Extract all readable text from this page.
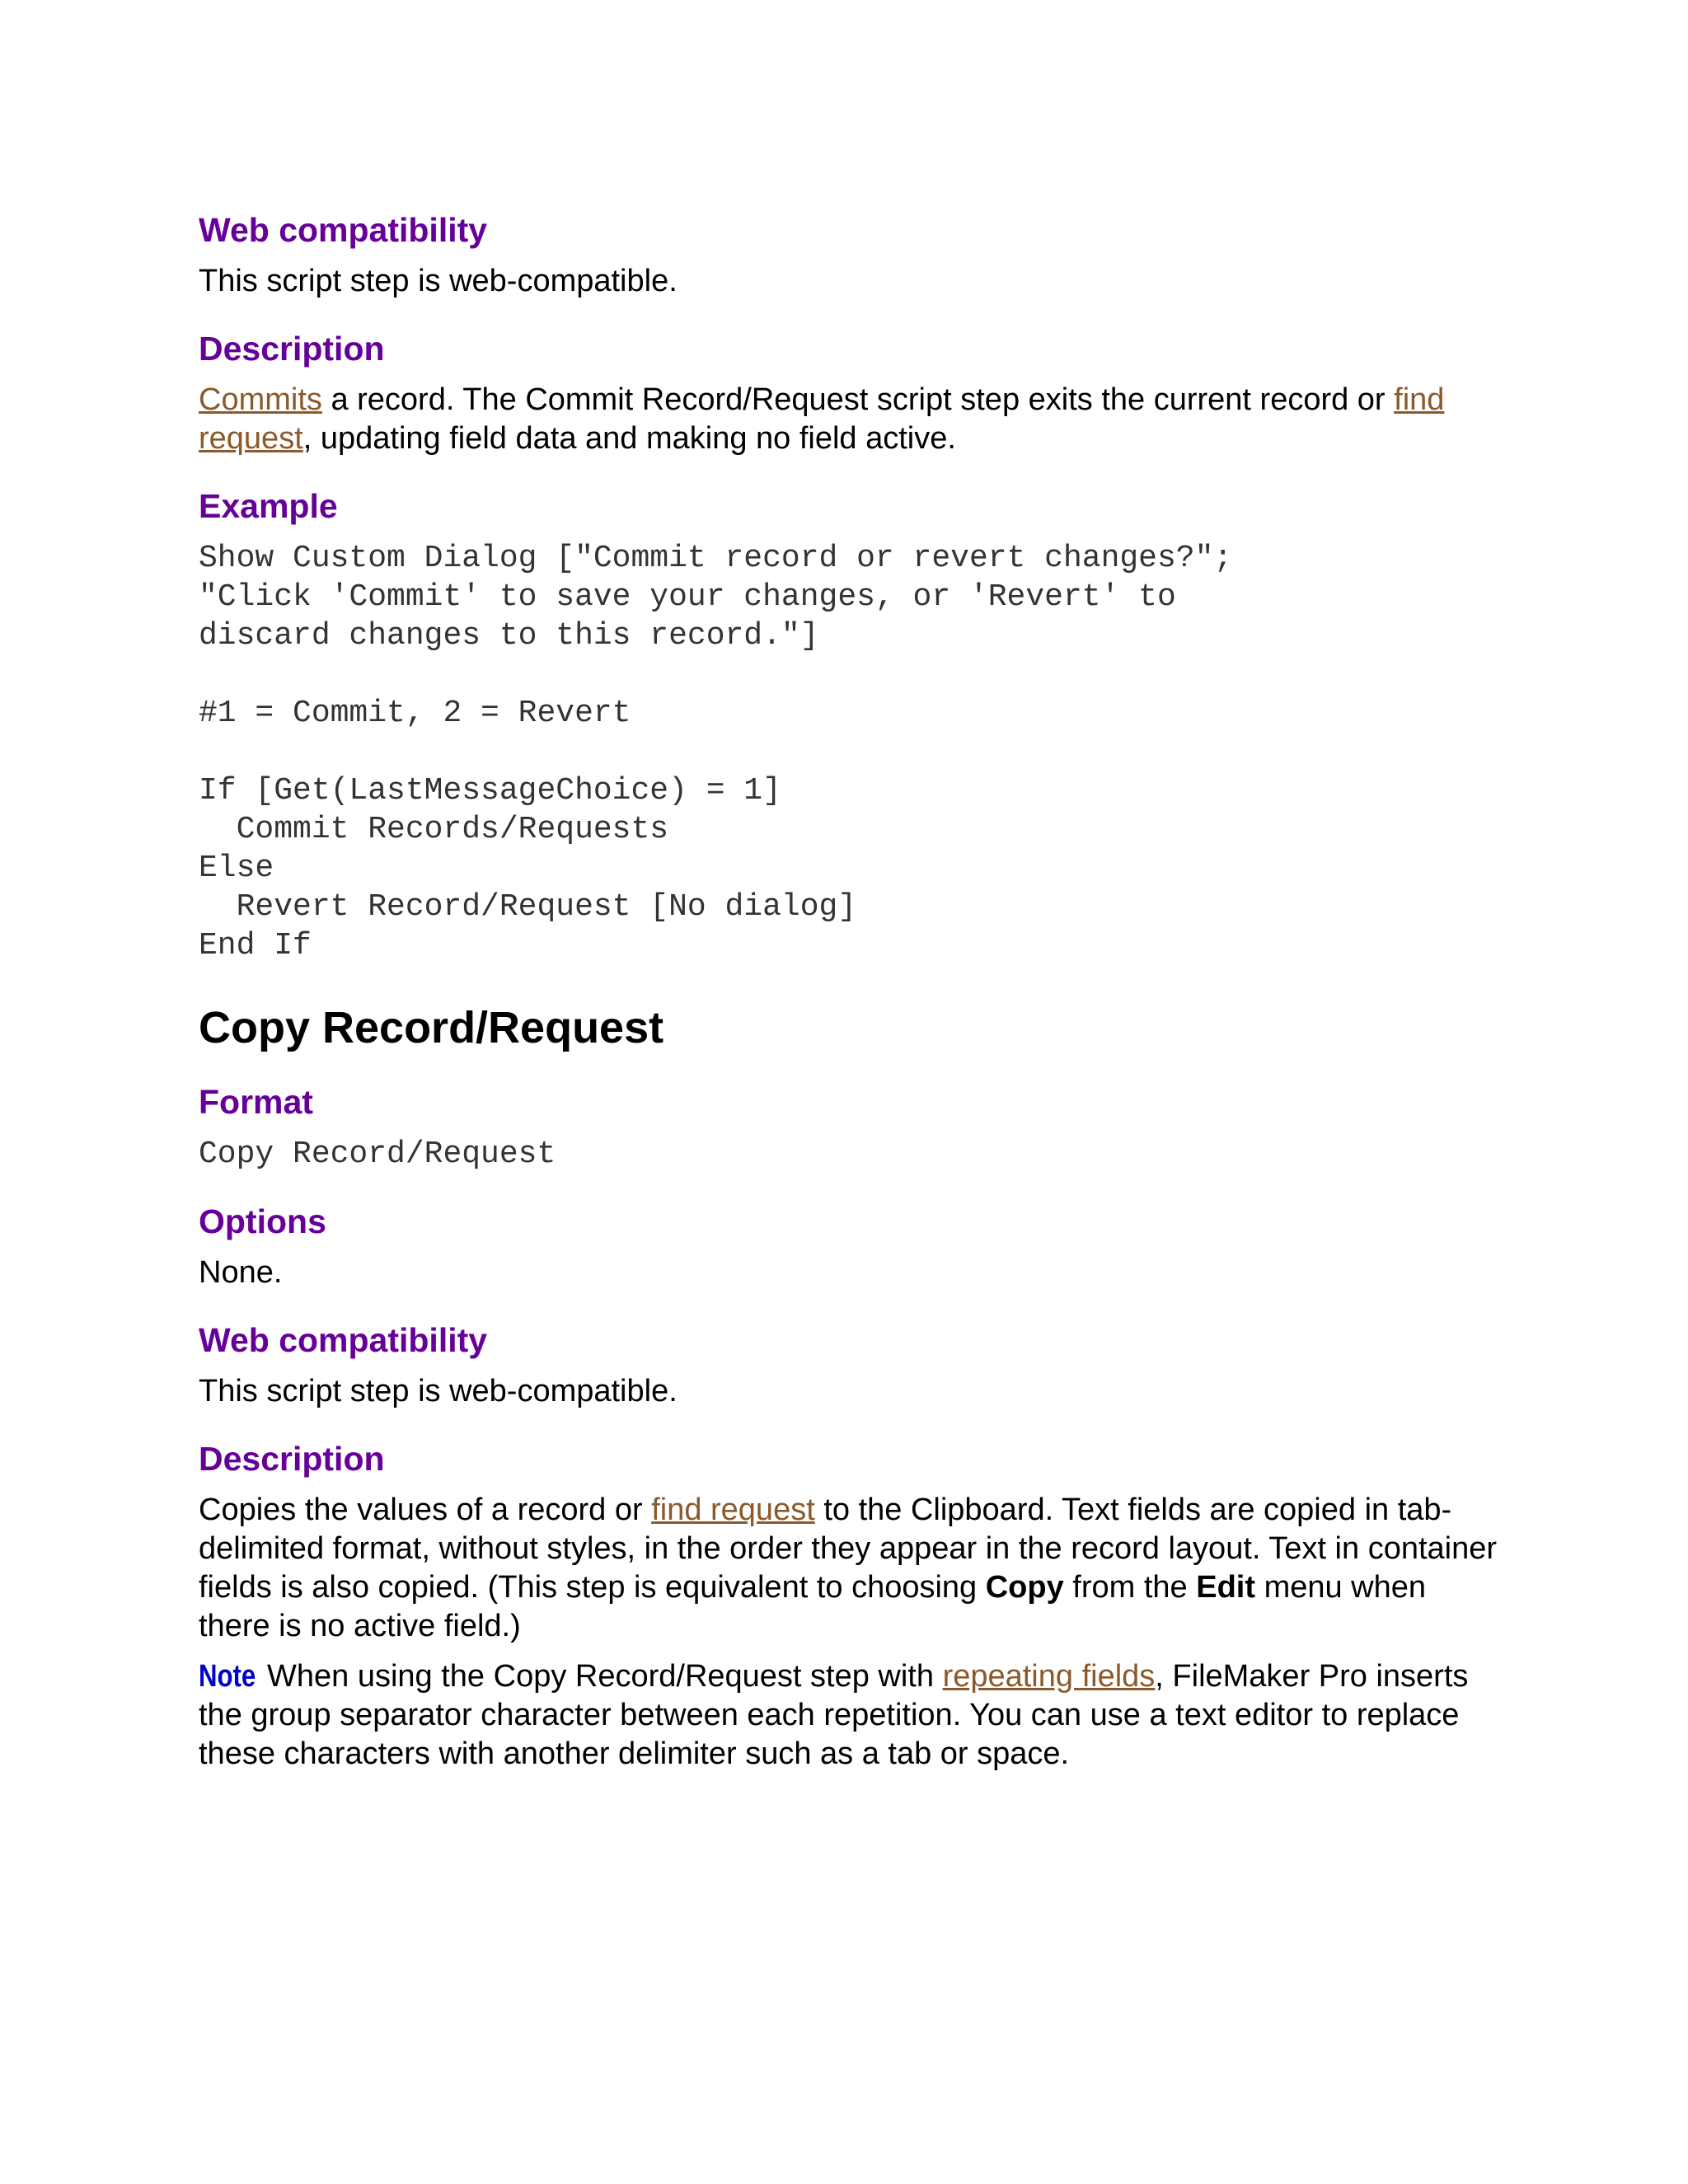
Web compatibility

This script step is web-compatible.

Description

Commits a record. The Commit Record/Request script step exits the current record or find request, updating field data and making no field active.

Example
Show Custom Dialog ["Commit record or revert changes?";
"Click 'Commit' to save your changes, or 'Revert' to
discard changes to this record."]
#1 = Commit, 2 = Revert
If [Get(LastMessageChoice) = 1]
Commit Records/Requests
Else
Revert Record/Request [No dialog]
End If
Copy Record/Request
Format
Copy Record/Request
Options

None.

Web compatibility

This script step is web-compatible.

Description

Copies the values of a record or find request to the Clipboard. Text fields are copied in tab-delimited format, without styles, in the order they appear in the record layout. Text in container fields is also copied. (This step is equivalent to choosing Copy from the Edit menu when there is no active field.)

Note When using the Copy Record/Request step with repeating fields, FileMaker Pro inserts the group separator character between each repetition. You can use a text editor to replace these characters with another delimiter such as a tab or space.
